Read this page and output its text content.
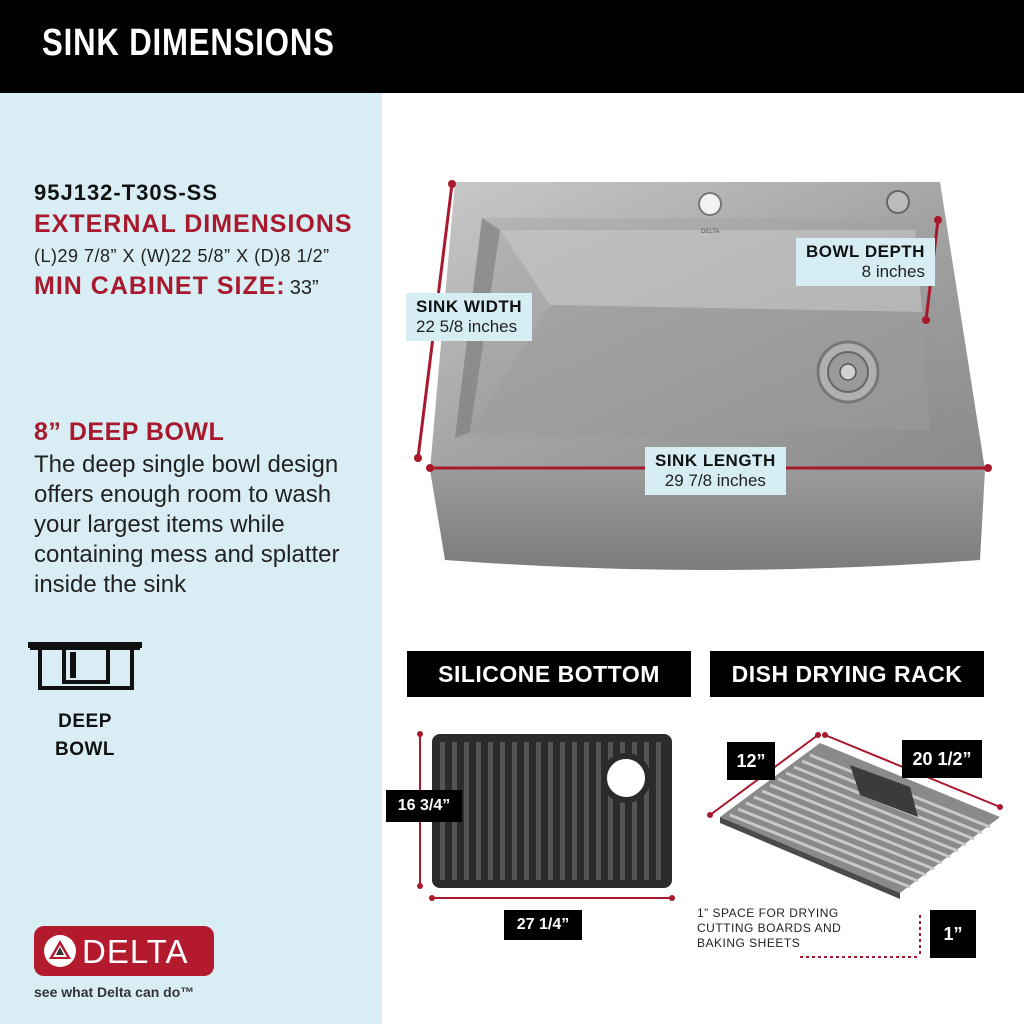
SINK DIMENSIONS
95J132-T30S-SS
EXTERNAL DIMENSIONS
(L)29 7/8” X (W)22 5/8” X (D)8 1/2”
MIN CABINET SIZE: 33”
8” DEEP BOWL
The deep single bowl design offers enough room to wash your largest items while containing mess and splatter inside the sink
DEEP BOWL
DELTA
see what Delta can do™
DELTA
SINK WIDTH
22 5/8 inches
BOWL DEPTH
8 inches
SINK LENGTH
29 7/8 inches
SILICONE BOTTOM GRID
16 3/4”
27 1/4”
DISH DRYING RACK
12”	20 1/2”
1”
1” SPACE FOR DRYING CUTTING BOARDS AND BAKING SHEETS
